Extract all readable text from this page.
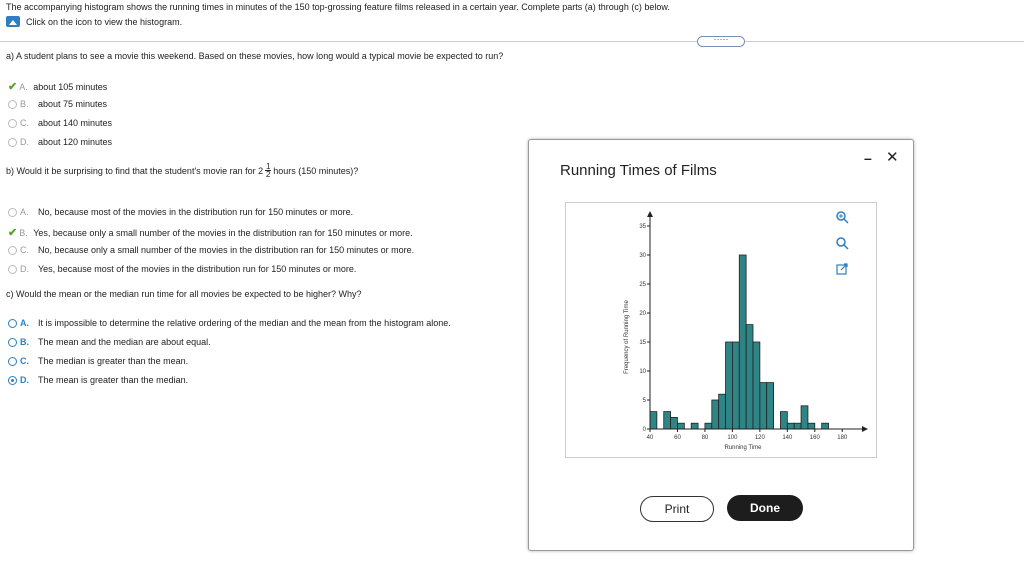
The accompanying histogram shows the running times in minutes of the 150 top-grossing feature films released in a certain year. Complete parts (a) through (c) below.
Click on the icon to view the histogram.
·····
a) A student plans to see a movie this weekend. Based on these movies, how long would a typical movie be expected to run?
✔ A. about 105 minutes
B.	about 75 minutes
C.	about 140 minutes
D.	about 120 minutes
b) Would it be surprising to find that the student's movie ran for $2 \frac{1}{2}$ hours (150 minutes)?
A.	No, because most of the movies in the distribution run for 150 minutes or more.
✔ B. Yes, because only a small number of the movies in the distribution ran for 150 minutes or more.
C.	No, because only a small number of the movies in the distribution ran for 150 minutes or more.
D.	Yes, because most of the movies in the distribution run for 150 minutes or more.
c) Would the mean or the median run time for all movies be expected to be higher? Why?
A.	It is impossible to determine the relative ordering of the median and the mean from the histogram alone.
B.	The mean and the median are about equal.
C.	The median is greater than the mean.
D.	The mean is greater than the median.
Running Times of Films
– ✕
0
5
10
15
20
25
30
35
40	60	80	100	120	140	160	180
Running Time
Frequency of Running Time
Print	Done
